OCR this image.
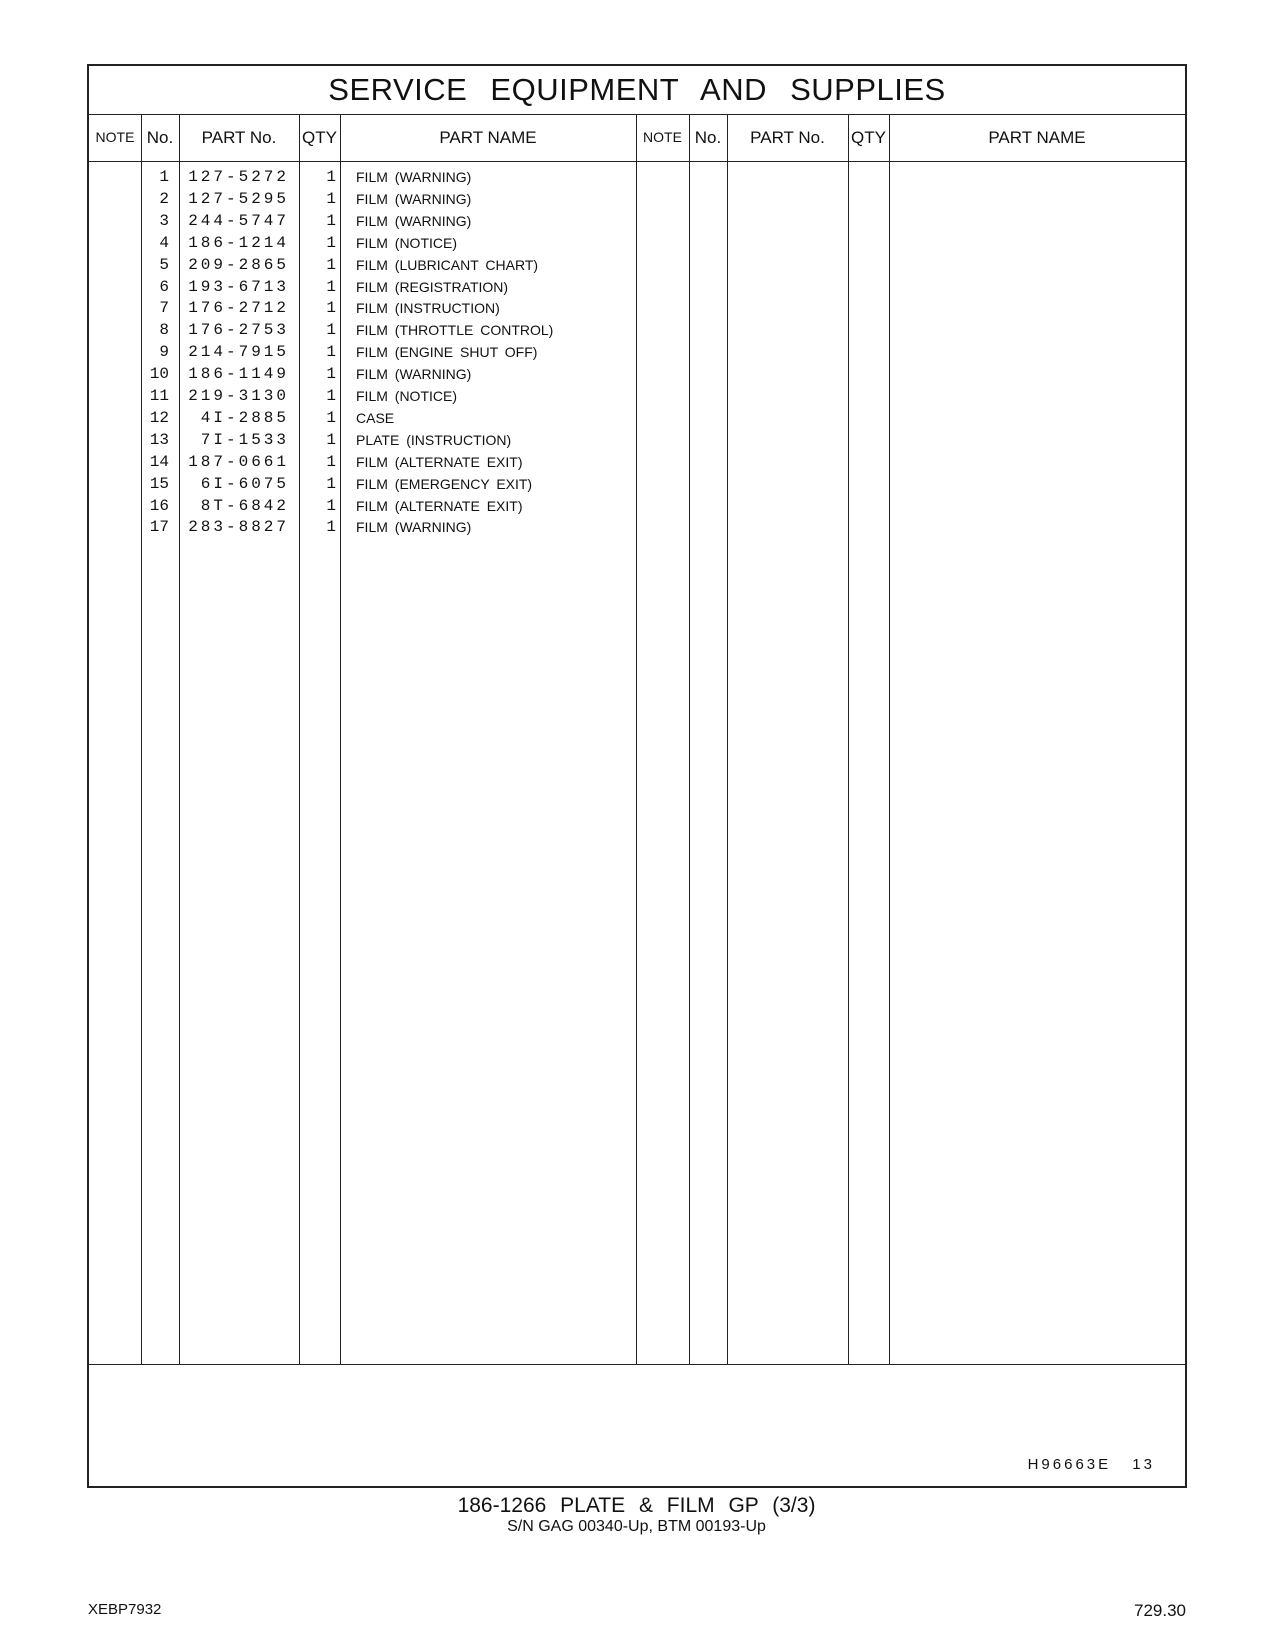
SERVICE EQUIPMENT AND SUPPLIES
NOTE No.	PART No.	QTY	PART NAME	NOTE No.	PART No.	QTY	PART NAME
1	127-5272	1 FILM (WARNING)
2	127-5295	1 FILM (WARNING)
3	244-5747	1 FILM (WARNING)
4	186-1214	1 FILM (NOTICE)
5	209-2865	1 FILM (LUBRICANT CHART)
6	193-6713	1 FILM (REGISTRATION)
7	176-2712	1 FILM (INSTRUCTION)
8	176-2753	1 FILM (THROTTLE CONTROL)
9	214-7915	1 FILM (ENGINE SHUT OFF)
10	186-1149	1 FILM (WARNING)
11	219-3130	1 FILM (NOTICE)
12	4I-2885	1 CASE
13	7I-1533	1 PLATE (INSTRUCTION)
14	187-0661	1 FILM (ALTERNATE EXIT)
15	6I-6075	1 FILM (EMERGENCY EXIT)
16	8T-6842	1 FILM (ALTERNATE EXIT)
17	283-8827	1 FILM (WARNING)
H96663E 13
186-1266 PLATE & FILM GP (3/3)
S/N GAG 00340-Up, BTM 00193-Up
XEBP7932	729.30
